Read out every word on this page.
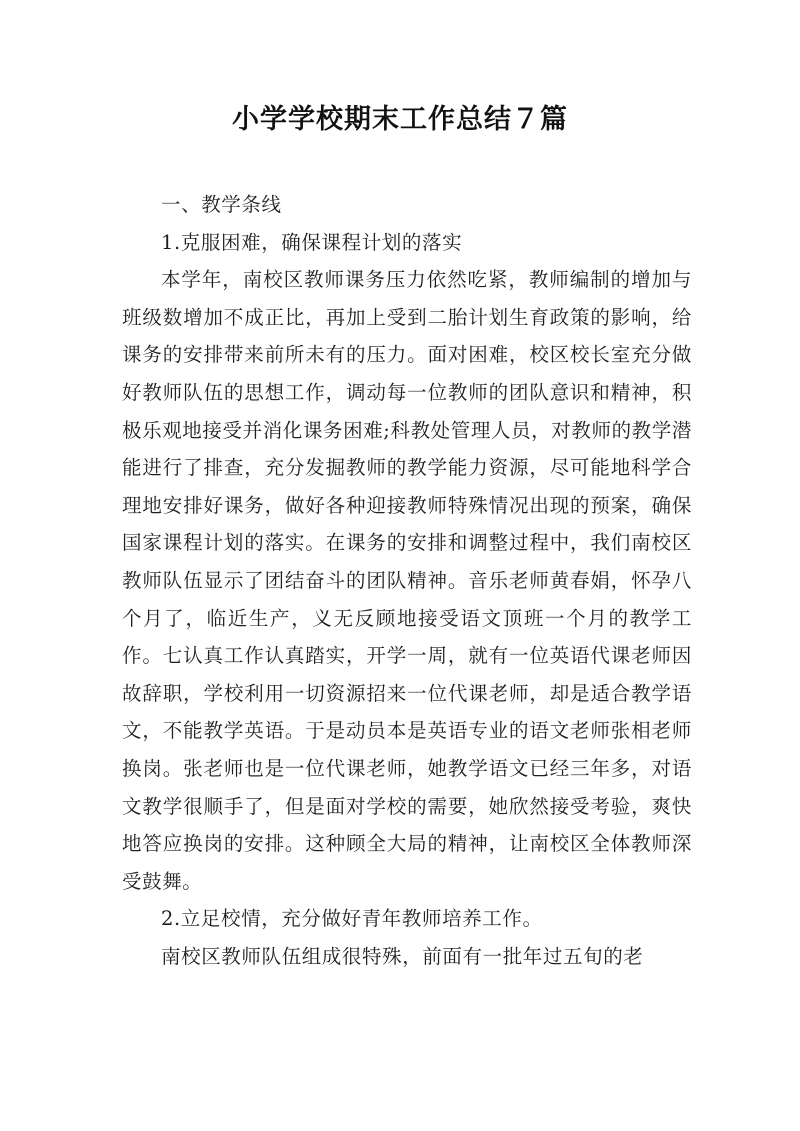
小学学校期末工作总结７篇

一、教学条线

1.克服困难，确保课程计划的落实

本学年，南校区教师课务压力依然吃紧，教师编制的增加与班级数增加不成正比，再加上受到二胎计划生育政策的影响，给课务的安排带来前所未有的压力。面对困难，校区校长室充分做好教师队伍的思想工作，调动每一位教师的团队意识和精神，积极乐观地接受并消化课务困难;科教处管理人员，对教师的教学潜能进行了排查，充分发掘教师的教学能力资源，尽可能地科学合理地安排好课务，做好各种迎接教师特殊情况出现的预案，确保国家课程计划的落实。在课务的安排和调整过程中，我们南校区教师队伍显示了团结奋斗的团队精神。音乐老师黄春娟，怀孕八个月了，临近生产，义无反顾地接受语文顶班一个月的教学工作。七认真工作认真踏实，开学一周，就有一位英语代课老师因故辞职，学校利用一切资源招来一位代课老师，却是适合教学语文，不能教学英语。于是动员本是英语专业的语文老师张相老师换岗。张老师也是一位代课老师，她教学语文已经三年多，对语文教学很顺手了，但是面对学校的需要，她欣然接受考验，爽快地答应换岗的安排。这种顾全大局的精神，让南校区全体教师深受鼓舞。

2.立足校情，充分做好青年教师培养工作。

南校区教师队伍组成很特殊，前面有一批年过五旬的老
